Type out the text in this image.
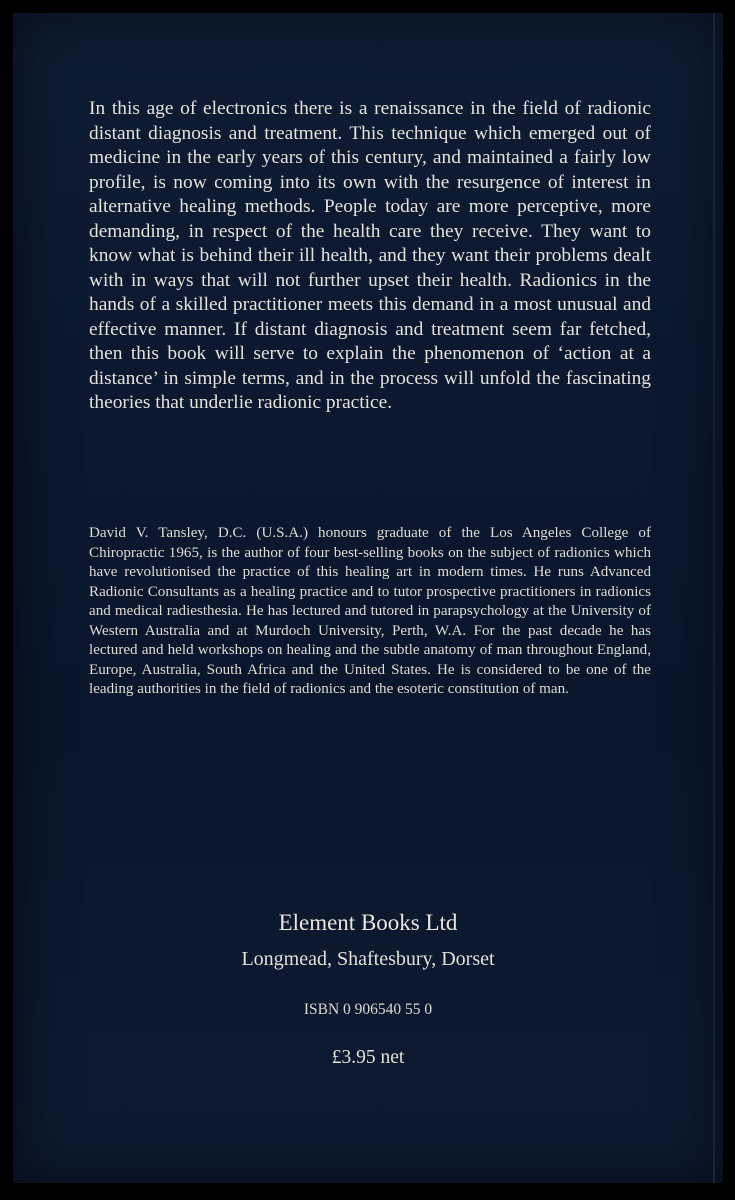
In this age of electronics there is a renaissance in the field of radionic distant diagnosis and treatment. This technique which emerged out of medicine in the early years of this century, and maintained a fairly low profile, is now coming into its own with the resurgence of interest in alternative healing methods. People today are more perceptive, more demanding, in respect of the health care they receive. They want to know what is behind their ill health, and they want their problems dealt with in ways that will not further upset their health. Radionics in the hands of a skilled practitioner meets this demand in a most unusual and effective manner. If distant diagnosis and treatment seem far fetched, then this book will serve to explain the phenomenon of ‘action at a distance’ in simple terms, and in the process will unfold the fascinating theories that underlie radionic practice.

David V. Tansley, D.C. (U.S.A.) honours graduate of the Los Angeles College of Chiropractic 1965, is the author of four best-selling books on the subject of radionics which have revolutionised the practice of this healing art in modern times. He runs Advanced Radionic Consultants as a healing practice and to tutor prospective practitioners in radionics and medical radiesthesia. He has lectured and tutored in parapsychology at the University of Western Australia and at Murdoch University, Perth, W.A. For the past decade he has lectured and held workshops on healing and the subtle anatomy of man throughout England, Europe, Australia, South Africa and the United States. He is considered to be one of the leading authorities in the field of radionics and the esoteric constitution of man.

Element Books Ltd

Longmead, Shaftesbury, Dorset

ISBN 0 906540 55 0

£3.95 net
